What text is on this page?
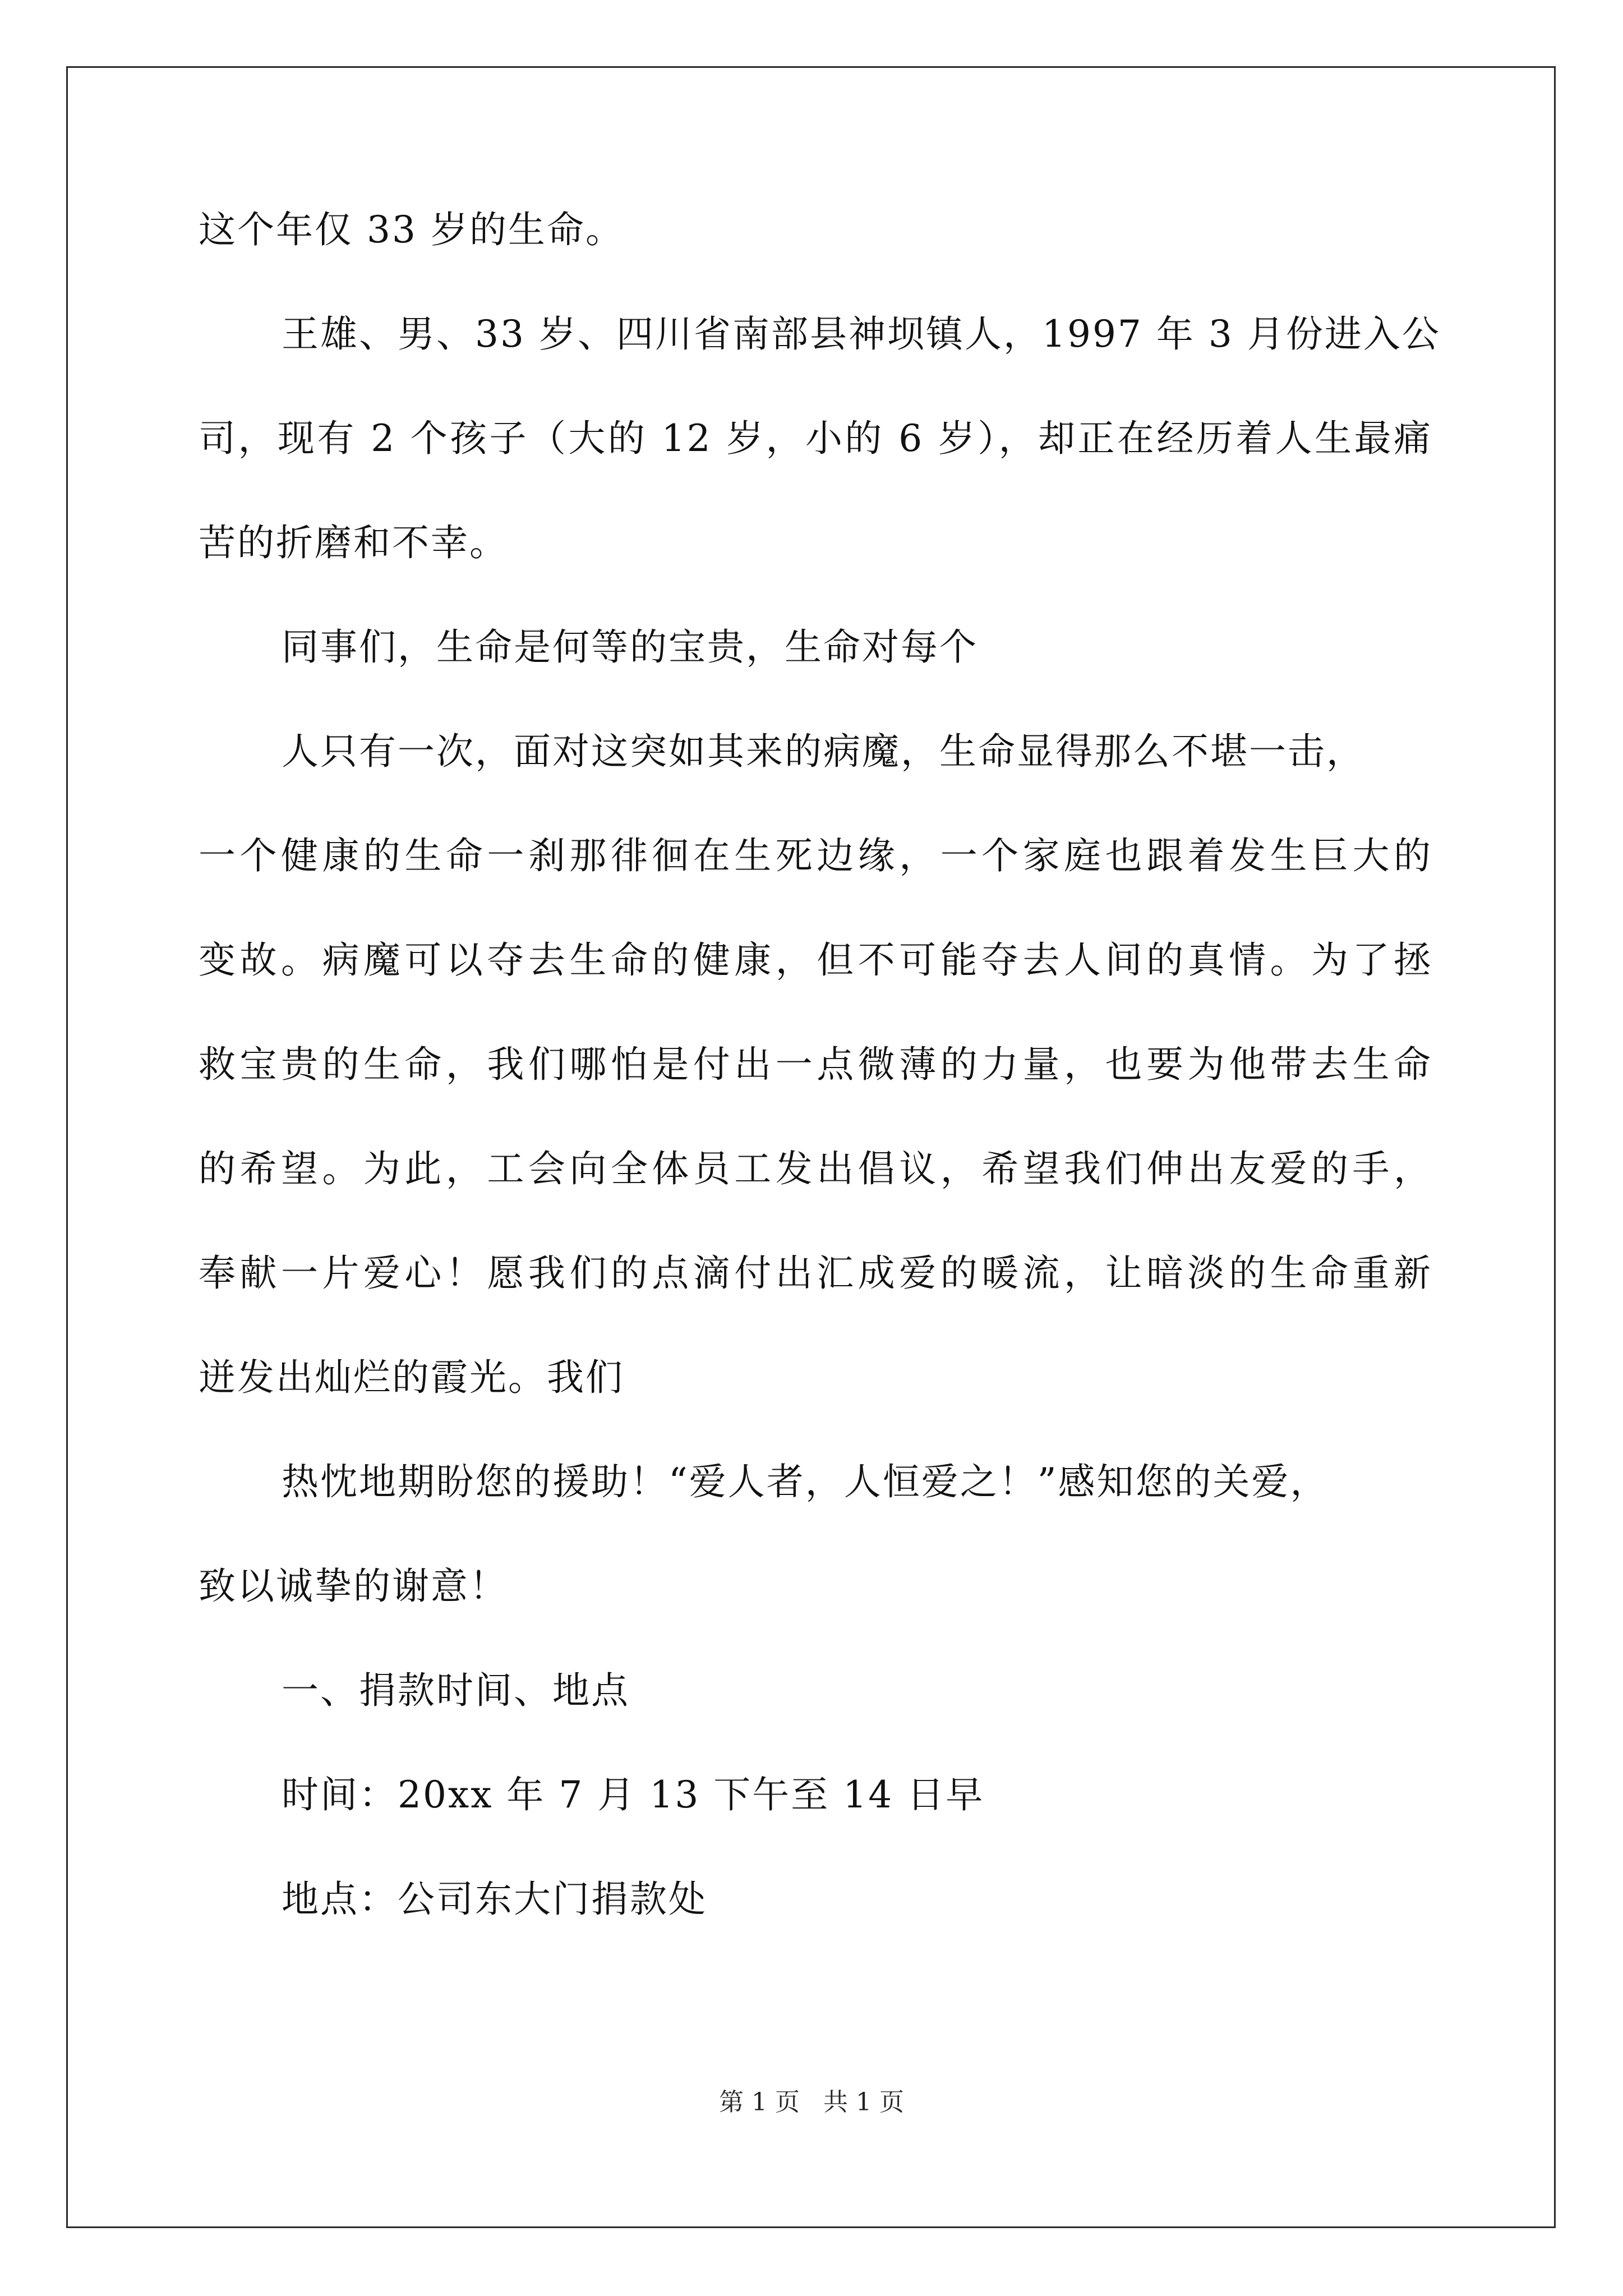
这个年仅 33 岁的生命。
王雄、男、33 岁、四川省南部县神坝镇人，1997 年 3 月份进入公
司，现有 2 个孩子（大的 12 岁，小的 6 岁），却正在经历着人生最痛
苦的折磨和不幸。
同事们，生命是何等的宝贵，生命对每个
人只有一次，面对这突如其来的病魔，生命显得那么不堪一击，
一个健康的生命一刹那徘徊在生死边缘，一个家庭也跟着发生巨大的
变故。病魔可以夺去生命的健康，但不可能夺去人间的真情。为了拯
救宝贵的生命，我们哪怕是付出一点微薄的力量，也要为他带去生命
的希望。为此，工会向全体员工发出倡议，希望我们伸出友爱的手，
奉献一片爱心！愿我们的点滴付出汇成爱的暖流，让暗淡的生命重新
迸发出灿烂的霞光。我们
热忱地期盼您的援助！“爱人者，人恒爱之！”感知您的关爱，
致以诚挚的谢意！
一、捐款时间、地点
时间：20xx 年 7 月 13 下午至 14 日早
地点：公司东大门捐款处
第 1 页   共 1 页
